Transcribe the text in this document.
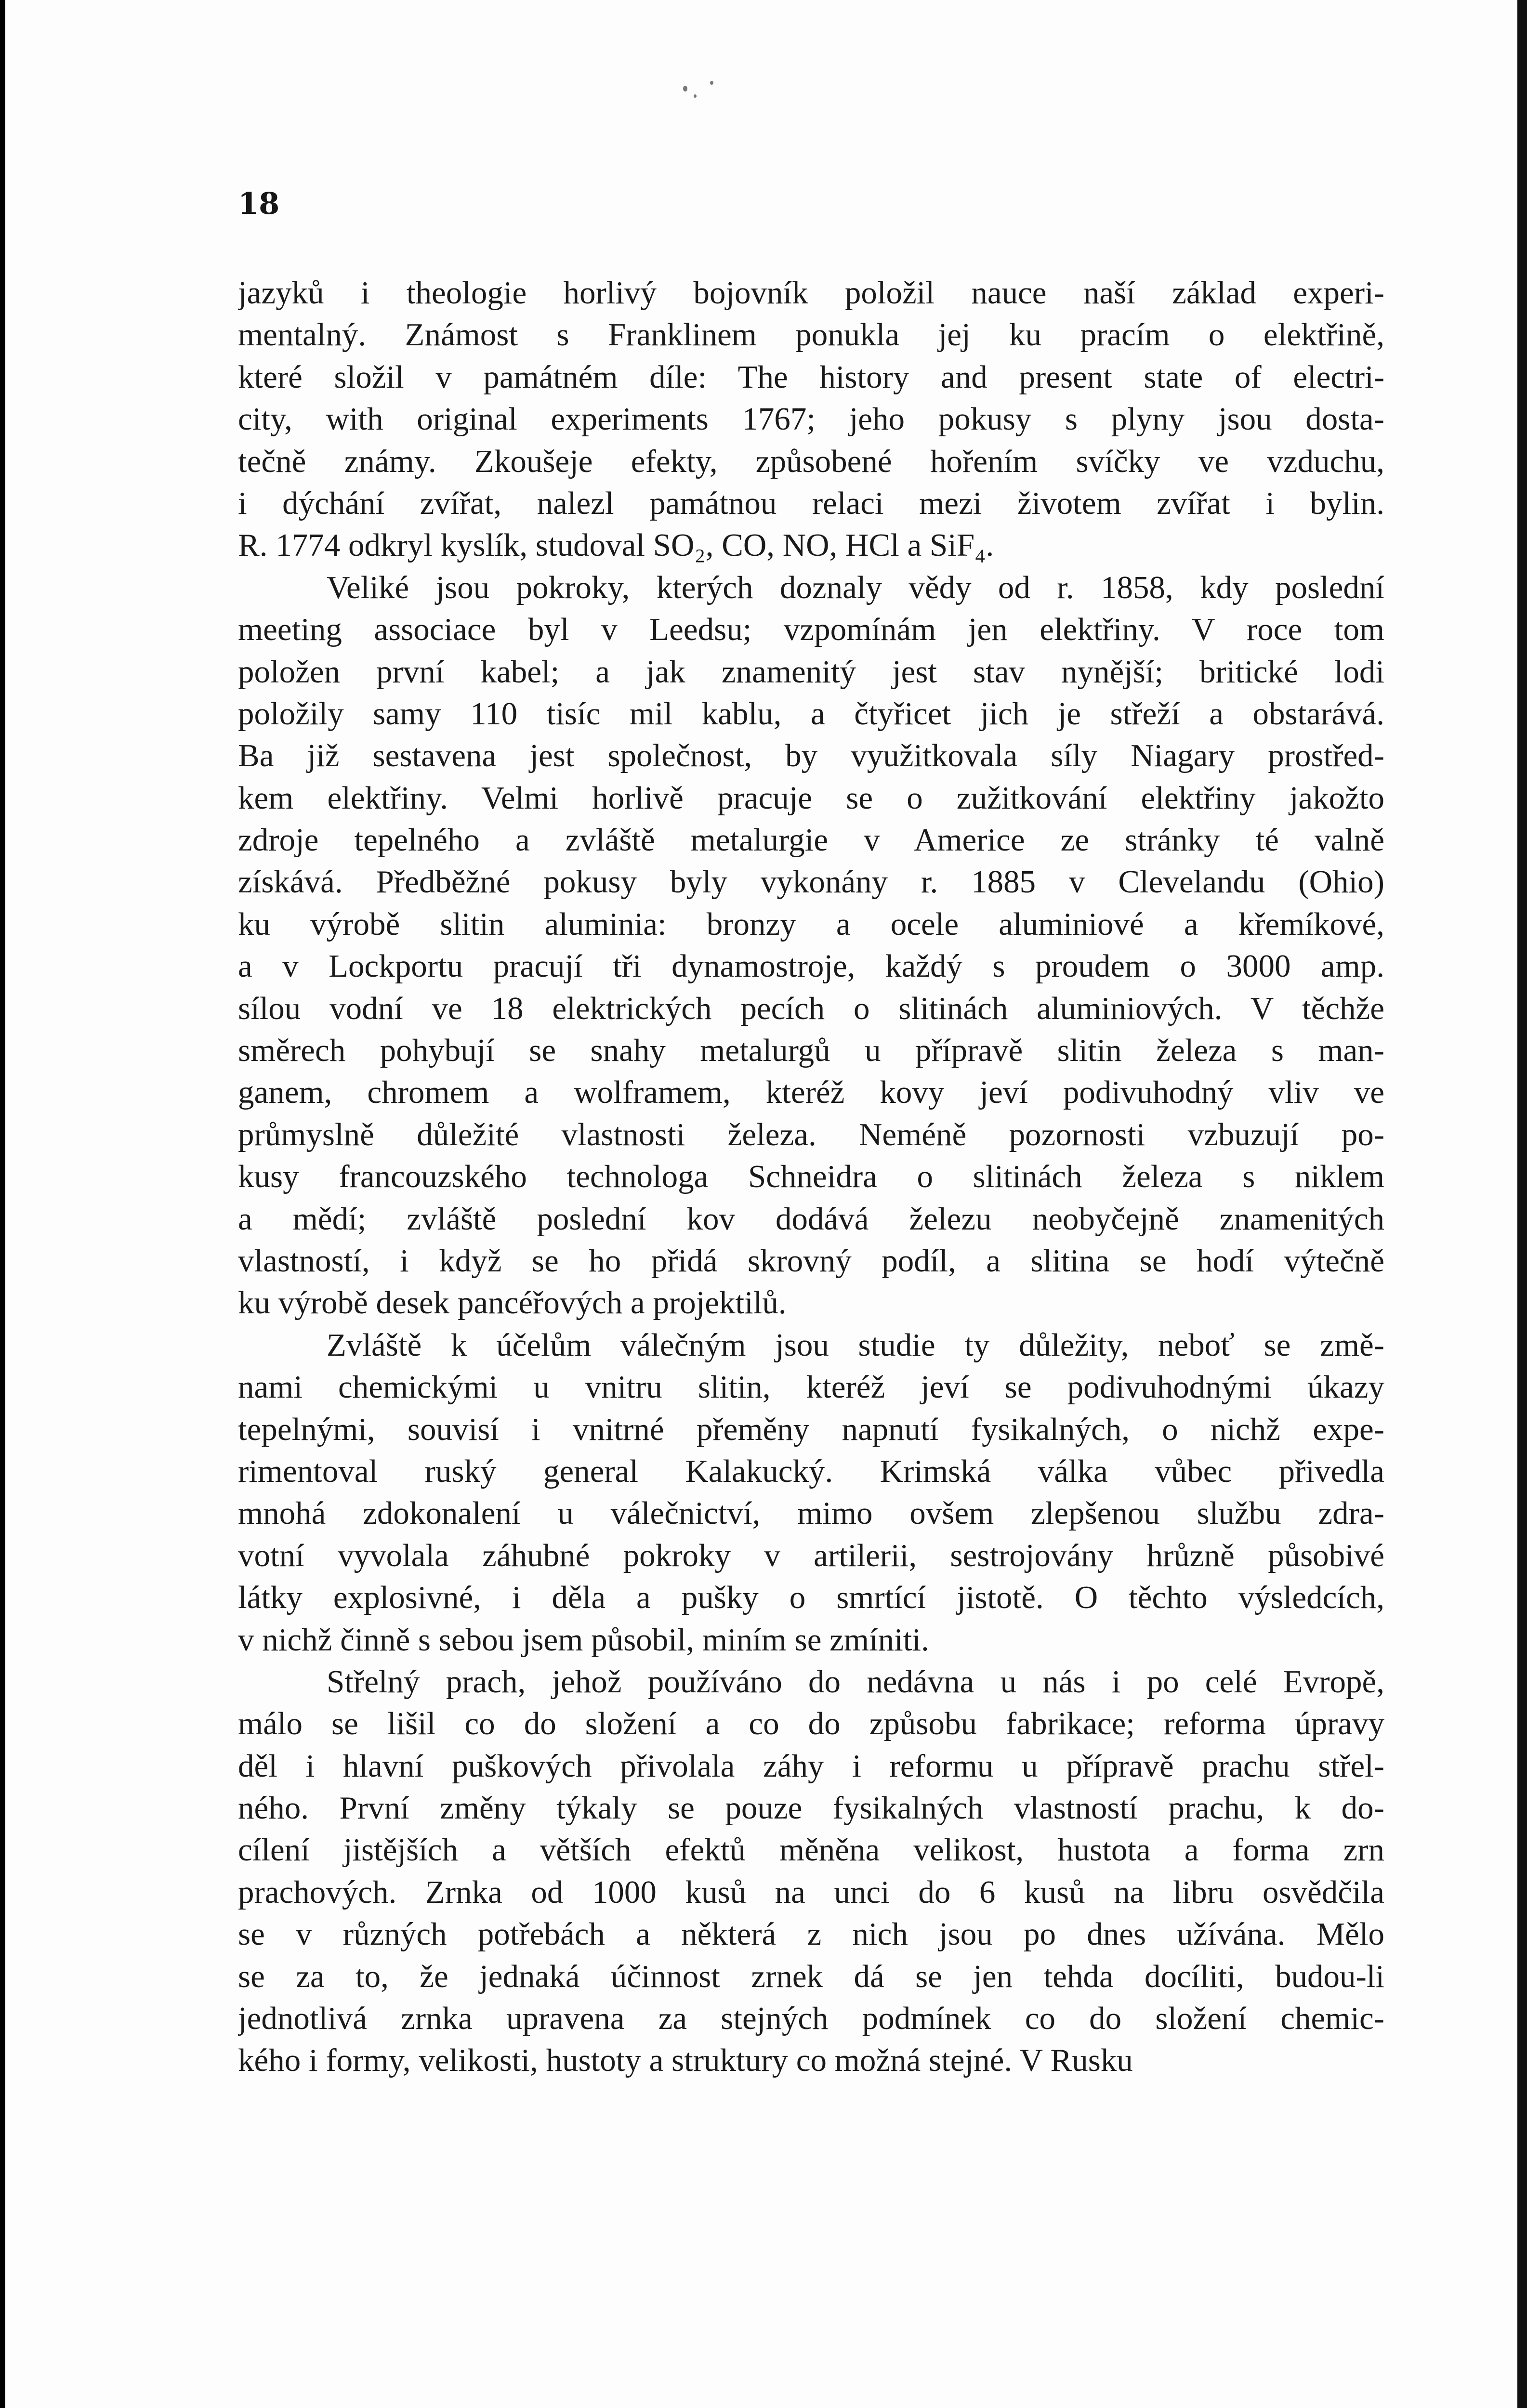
18

jazyků i theologie horlivý bojovník položil nauce naší základ experi-
mentalný. Známost s Franklinem ponukla jej ku pracím o elektřině,
které složil v památném díle: The history and present state of electri-
city, with original experiments 1767; jeho pokusy s plyny jsou dosta-
tečně známy. Zkoušeje efekty, způsobené hořením svíčky ve vzduchu,
i dýchání zvířat, nalezl památnou relaci mezi životem zvířat i bylin.
R. 1774 odkryl kyslík, studoval SO₂, CO, NO, HCl a SiF₄.
Veliké jsou pokroky, kterých doznaly vědy od r. 1858, kdy poslední
meeting associace byl v Leedsu; vzpomínám jen elektřiny. V roce tom
položen první kabel; a jak znamenitý jest stav nynější; britické lodi
položily samy 110 tisíc mil kablu, a čtyřicet jich je střeží a obstarává.
Ba již sestavena jest společnost, by využitkovala síly Niagary prostřed-
kem elektřiny. Velmi horlivě pracuje se o zužitkování elektřiny jakožto
zdroje tepelného a zvláště metalurgie v Americe ze stránky té valně
získává. Předběžné pokusy byly vykonány r. 1885 v Clevelandu (Ohio)
ku výrobě slitin aluminia: bronzy a ocele aluminiové a křemíkové,
a v Lockportu pracují tři dynamostroje, každý s proudem o 3000 amp.
sílou vodní ve 18 elektrických pecích o slitinách aluminiových. V těchže
směrech pohybují se snahy metalurgů u přípravě slitin železa s man-
ganem, chromem a wolframem, kteréž kovy jeví podivuhodný vliv ve
průmyslně důležité vlastnosti železa. Neméně pozornosti vzbuzují po-
kusy francouzského technologa Schneidra o slitinách železa s niklem
a mědí; zvláště poslední kov dodává železu neobyčejně znamenitých
vlastností, i když se ho přidá skrovný podíl, a slitina se hodí výtečně
ku výrobě desek pancéřových a projektilů.
Zvláště k účelům válečným jsou studie ty důležity, neboť se změ-
nami chemickými u vnitru slitin, kteréž jeví se podivuhodnými úkazy
tepelnými, souvisí i vnitrné přeměny napnutí fysikalných, o nichž expe-
rimentoval ruský general Kalakucký. Krimská válka vůbec přivedla
mnohá zdokonalení u válečnictví, mimo ovšem zlepšenou službu zdra-
votní vyvolala záhubné pokroky v artilerii, sestrojovány hrůzně působivé
látky explosivné, i děla a pušky o smrtící jistotě. O těchto výsledcích,
v nichž činně s sebou jsem působil, miním se zmíniti.
Střelný prach, jehož používáno do nedávna u nás i po celé Evropě,
málo se lišil co do složení a co do způsobu fabrikace; reforma úpravy
děl i hlavní puškových přivolala záhy i reformu u přípravě prachu střel-
ného. První změny týkaly se pouze fysikalných vlastností prachu, k do-
cílení jistějších a větších efektů měněna velikost, hustota a forma zrn
prachových. Zrnka od 1000 kusů na unci do 6 kusů na libru osvědčila
se v různých potřebách a některá z nich jsou po dnes užívána. Mělo
se za to, že jednaká účinnost zrnek dá se jen tehda docíliti, budou-li
jednotlivá zrnka upravena za stejných podmínek co do složení chemic-
kého i formy, velikosti, hustoty a struktury co možná stejné. V Rusku
